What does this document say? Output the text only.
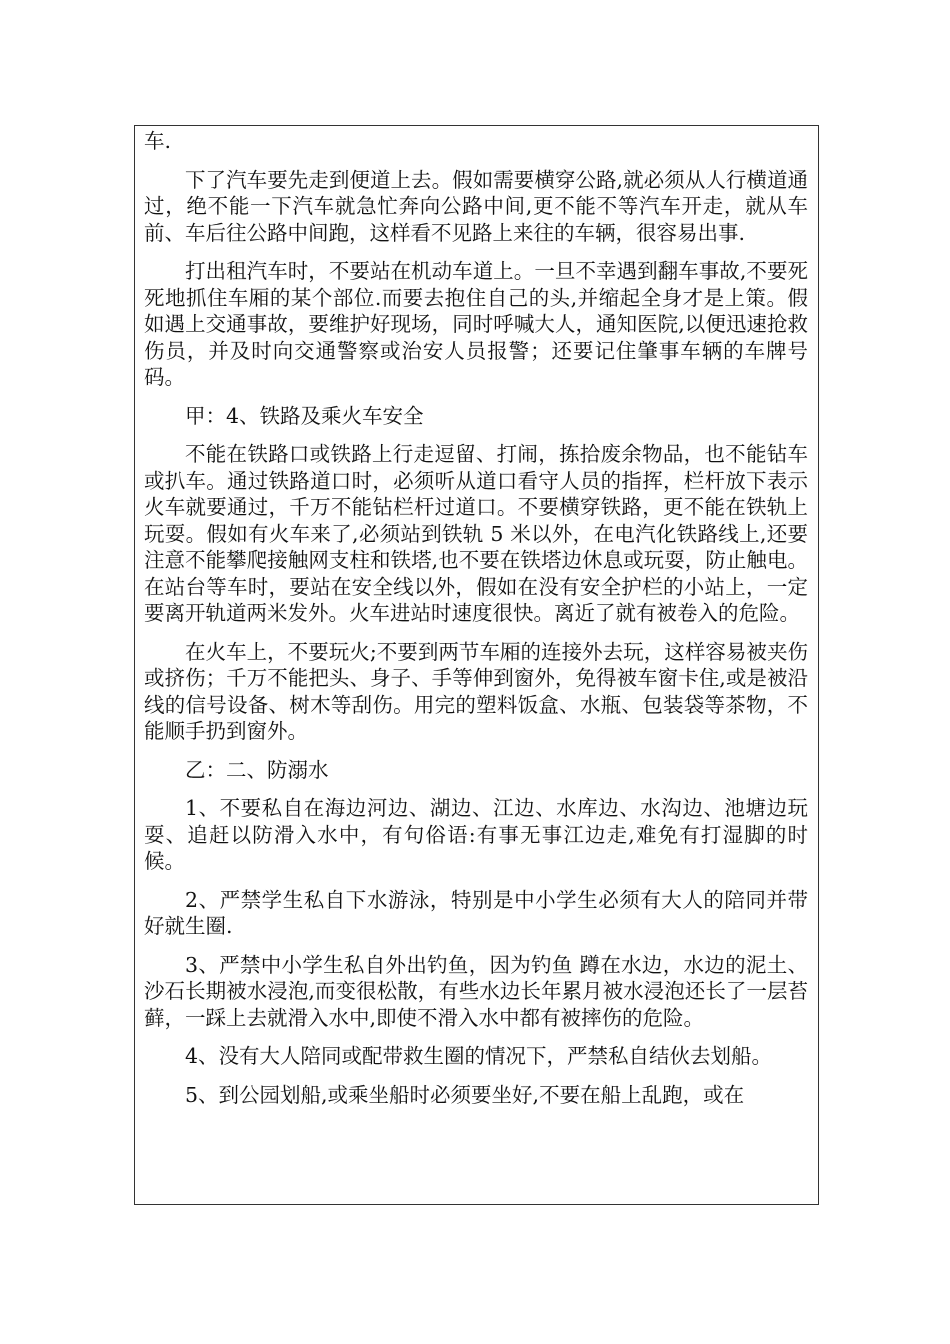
车.

下了汽车要先走到便道上去。假如需要横穿公路,就必须从人行横道通过，绝不能一下汽车就急忙奔向公路中间,更不能不等汽车开走，就从车前、车后往公路中间跑，这样看不见路上来往的车辆，很容易出事.

打出租汽车时，不要站在机动车道上。一旦不幸遇到翻车事故,不要死死地抓住车厢的某个部位.而要去抱住自己的头,并缩起全身才是上策。假如遇上交通事故，要维护好现场，同时呼喊大人，通知医院,以便迅速抢救伤员，并及时向交通警察或治安人员报警；还要记住肇事车辆的车牌号码。

甲：4、铁路及乘火车安全

不能在铁路口或铁路上行走逗留、打闹，拣拾废余物品，也不能钻车或扒车。通过铁路道口时，必须听从道口看守人员的指挥，栏杆放下表示火车就要通过，千万不能钻栏杆过道口。不要横穿铁路，更不能在铁轨上玩耍。假如有火车来了,必须站到铁轨 5 米以外，在电汽化铁路线上,还要注意不能攀爬接触网支柱和铁塔,也不要在铁塔边休息或玩耍，防止触电。在站台等车时，要站在安全线以外，假如在没有安全护栏的小站上，一定要离开轨道两米发外。火车进站时速度很快。离近了就有被卷入的危险。

在火车上，不要玩火;不要到两节车厢的连接外去玩，这样容易被夹伤或挤伤；千万不能把头、身子、手等伸到窗外，免得被车窗卡住,或是被沿线的信号设备、树木等刮伤。用完的塑料饭盒、水瓶、包装袋等茶物，不能顺手扔到窗外。

乙：二、防溺水

1、不要私自在海边河边、湖边、江边、水库边、水沟边、池塘边玩耍、追赶以防滑入水中，有句俗语:有事无事江边走,难免有打湿脚的时候。

2、严禁学生私自下水游泳，特别是中小学生必须有大人的陪同并带好就生圈.

3、严禁中小学生私自外出钓鱼，因为钓鱼 蹲在水边，水边的泥土、沙石长期被水浸泡,而变很松散，有些水边长年累月被水浸泡还长了一层苔藓，一踩上去就滑入水中,即使不滑入水中都有被摔伤的危险。

4、没有大人陪同或配带救生圈的情况下，严禁私自结伙去划船。

5、到公园划船,或乘坐船时必须要坐好,不要在船上乱跑，或在
